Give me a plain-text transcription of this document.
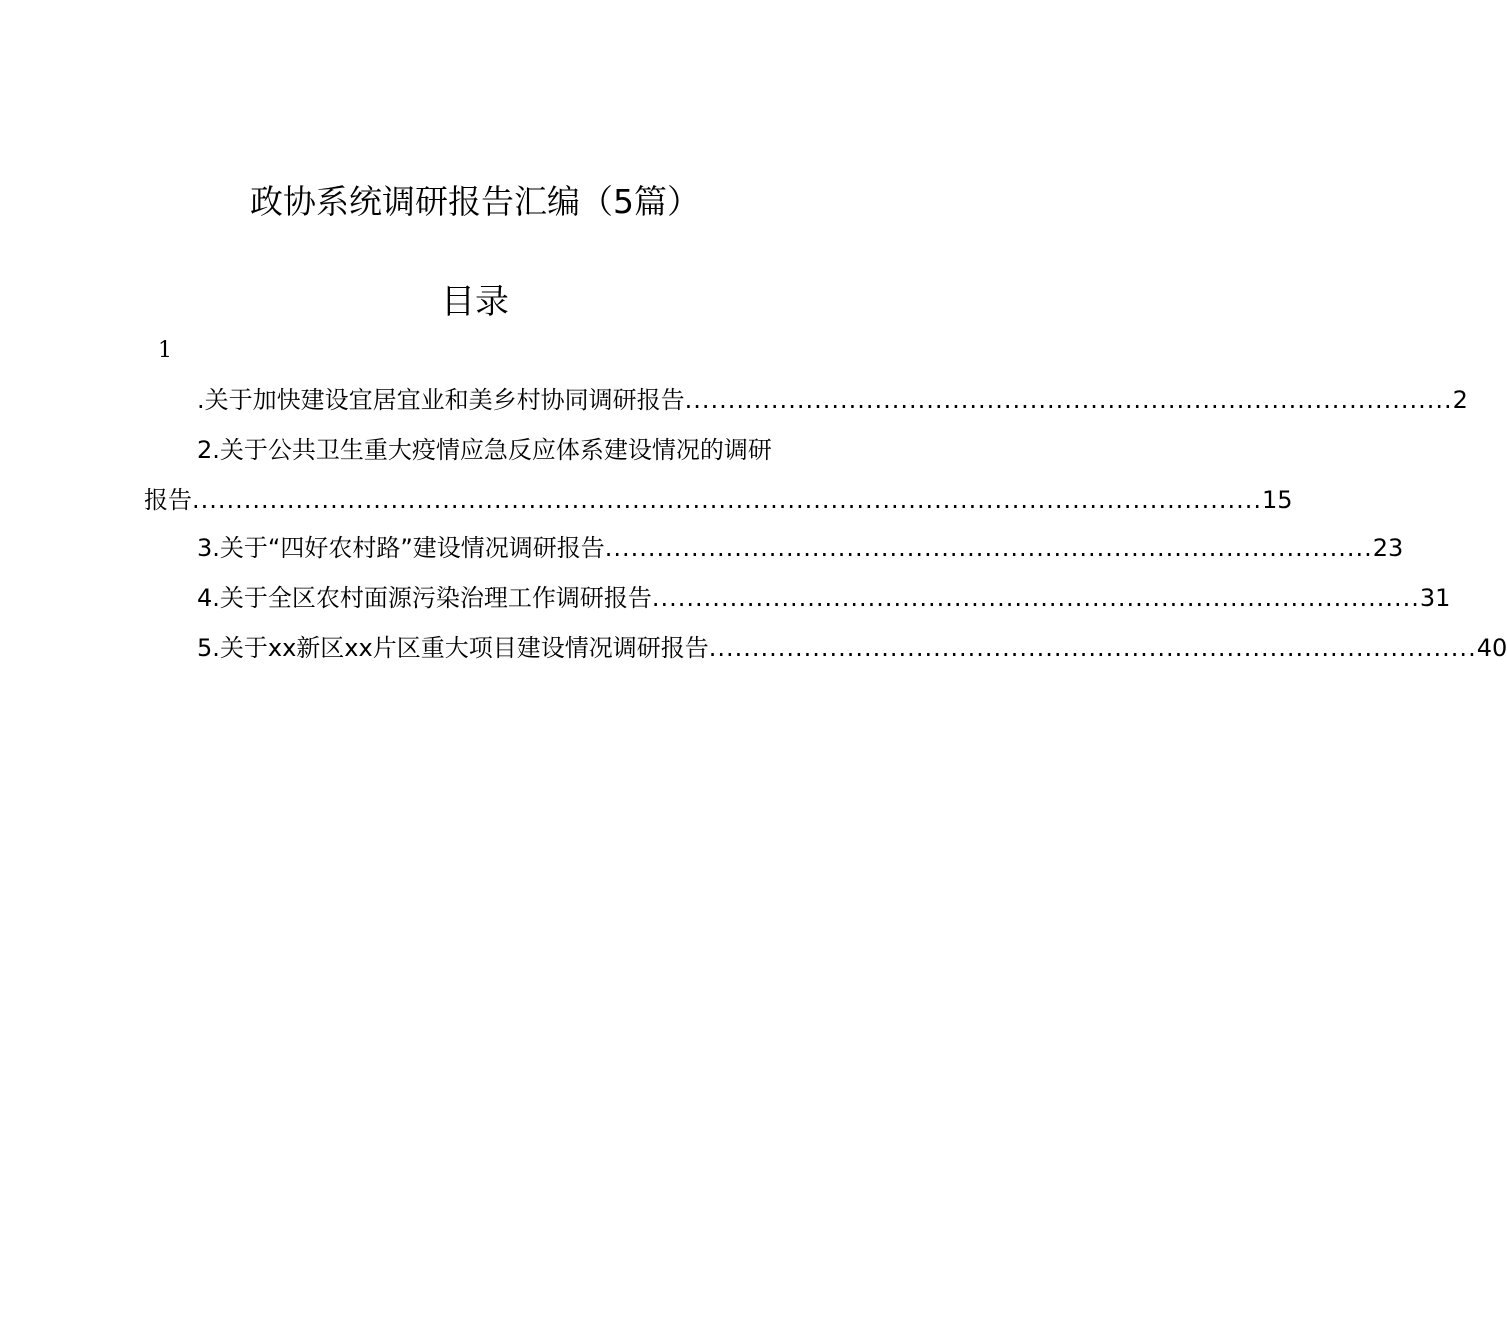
政协系统调研报告汇编（5篇）
目录
1
.关于加快建设宜居宜业和美乡村协同调研报告 ......................................................................................... 2
2.关于公共卫生重大疫情应急反应体系建设情况的调研
报告 ............................................................................................................................ 15
3.关于“四好农村路”建设情况调研报告 ......................................................................................... 23
4.关于全区农村面源污染治理工作调研报告 ......................................................................................... 31
5.关于xx新区xx片区重大项目建设情况调研报告 ......................................................................................... 40
